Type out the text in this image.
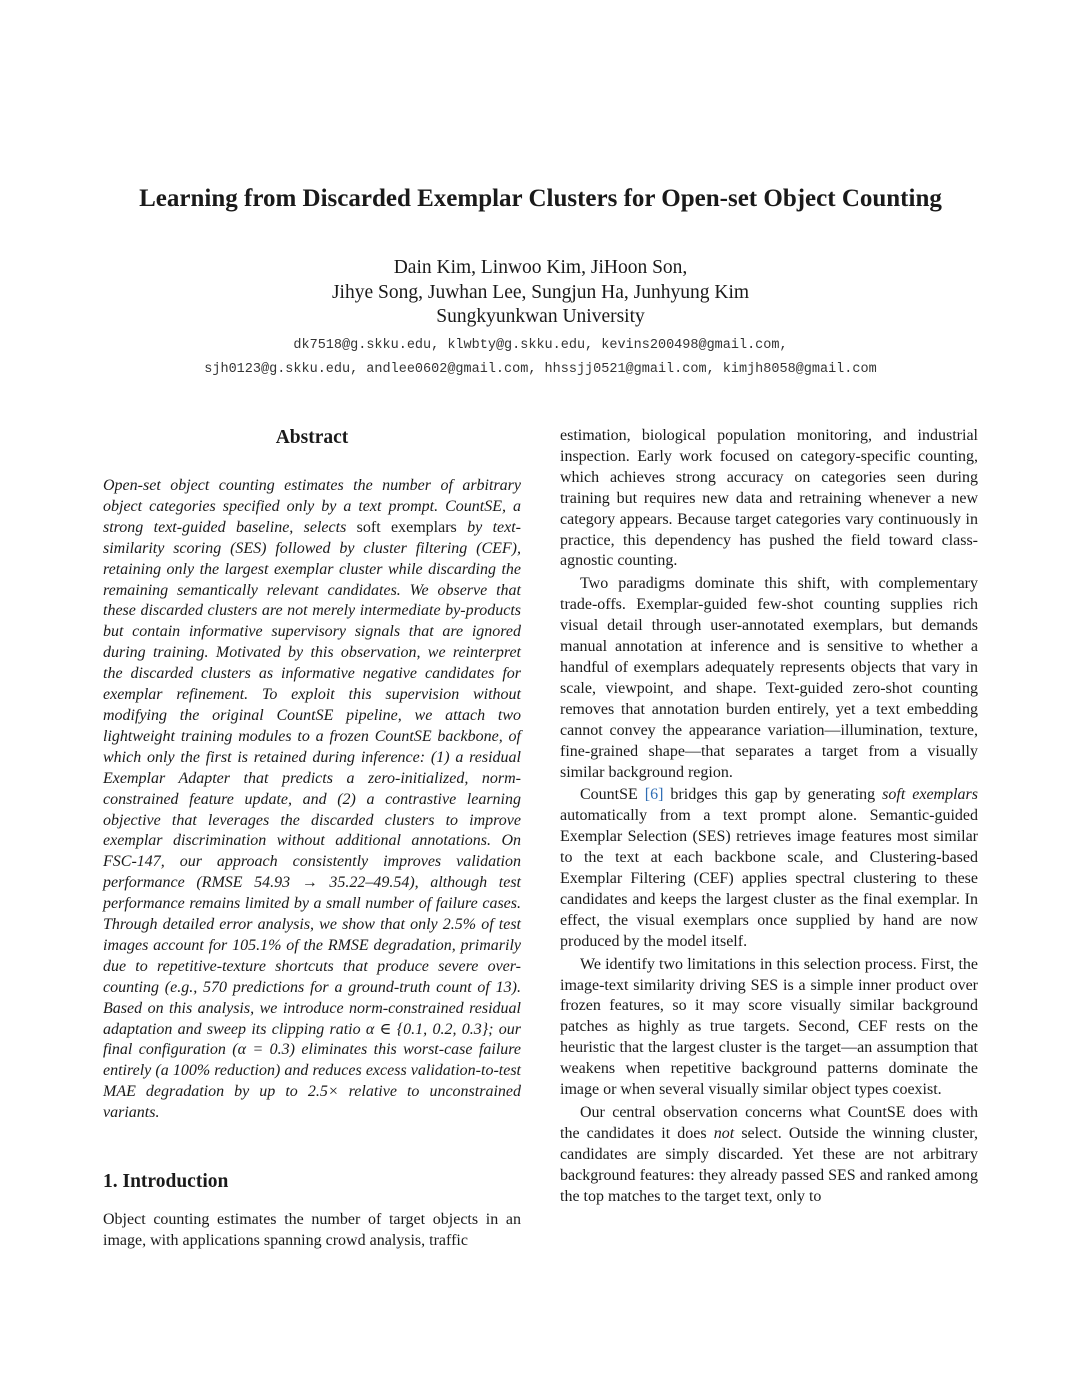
Learning from Discarded Exemplar Clusters for Open-set Object Counting
Dain Kim, Linwoo Kim, JiHoon Son,
Jihye Song, Juwhan Lee, Sungjun Ha, Junhyung Kim
Sungkyunkwan University
dk7518@g.skku.edu, klwbty@g.skku.edu, kevins200498@gmail.com,
sjh0123@g.skku.edu, andlee0602@gmail.com, hhssjj0521@gmail.com, kimjh8058@gmail.com
Abstract

Open-set object counting estimates the number of arbitrary object categories specified only by a text prompt. CountSE, a strong text-guided baseline, selects soft exemplars by text-similarity scoring (SES) followed by cluster filtering (CEF), retaining only the largest exemplar cluster while discarding the remaining semantically relevant candidates. We observe that these discarded clusters are not merely intermediate by-products but contain informative supervisory signals that are ignored during training. Motivated by this observation, we reinterpret the discarded clusters as informative negative candidates for exemplar refinement. To exploit this supervision without modifying the original CountSE pipeline, we attach two lightweight training modules to a frozen CountSE backbone, of which only the first is retained during inference: (1) a residual Exemplar Adapter that predicts a zero-initialized, norm-constrained feature update, and (2) a contrastive learning objective that leverages the discarded clusters to improve exemplar discrimination without additional annotations. On FSC-147, our approach consistently improves validation performance (RMSE 54.93 → 35.22–49.54), although test performance remains limited by a small number of failure cases. Through detailed error analysis, we show that only 2.5% of test images account for 105.1% of the RMSE degradation, primarily due to repetitive-texture shortcuts that produce severe over-counting (e.g., 570 predictions for a ground-truth count of 13). Based on this analysis, we introduce norm-constrained residual adaptation and sweep its clipping ratio α ∈ {0.1, 0.2, 0.3}; our final configuration (α = 0.3) eliminates this worst-case failure entirely (a 100% reduction) and reduces excess validation-to-test MAE degradation by up to 2.5× relative to unconstrained variants.

1. Introduction

Object counting estimates the number of target objects in an image, with applications spanning crowd analysis, traffic

estimation, biological population monitoring, and industrial inspection. Early work focused on category-specific counting, which achieves strong accuracy on categories seen during training but requires new data and retraining whenever a new category appears. Because target categories vary continuously in practice, this dependency has pushed the field toward class-agnostic counting.

Two paradigms dominate this shift, with complementary trade-offs. Exemplar-guided few-shot counting supplies rich visual detail through user-annotated exemplars, but demands manual annotation at inference and is sensitive to whether a handful of exemplars adequately represents objects that vary in scale, viewpoint, and shape. Text-guided zero-shot counting removes that annotation burden entirely, yet a text embedding cannot convey the appearance variation—illumination, texture, fine-grained shape—that separates a target from a visually similar background region.

CountSE [6] bridges this gap by generating soft exemplars automatically from a text prompt alone. Semantic-guided Exemplar Selection (SES) retrieves image features most similar to the text at each backbone scale, and Clustering-based Exemplar Filtering (CEF) applies spectral clustering to these candidates and keeps the largest cluster as the final exemplar. In effect, the visual exemplars once supplied by hand are now produced by the model itself.

We identify two limitations in this selection process. First, the image-text similarity driving SES is a simple inner product over frozen features, so it may score visually similar background patches as highly as true targets. Second, CEF rests on the heuristic that the largest cluster is the target—an assumption that weakens when repetitive background patterns dominate the image or when several visually similar object types coexist.

Our central observation concerns what CountSE does with the candidates it does not select. Outside the winning cluster, candidates are simply discarded. Yet these are not arbitrary background features: they already passed SES and ranked among the top matches to the target text, only to
